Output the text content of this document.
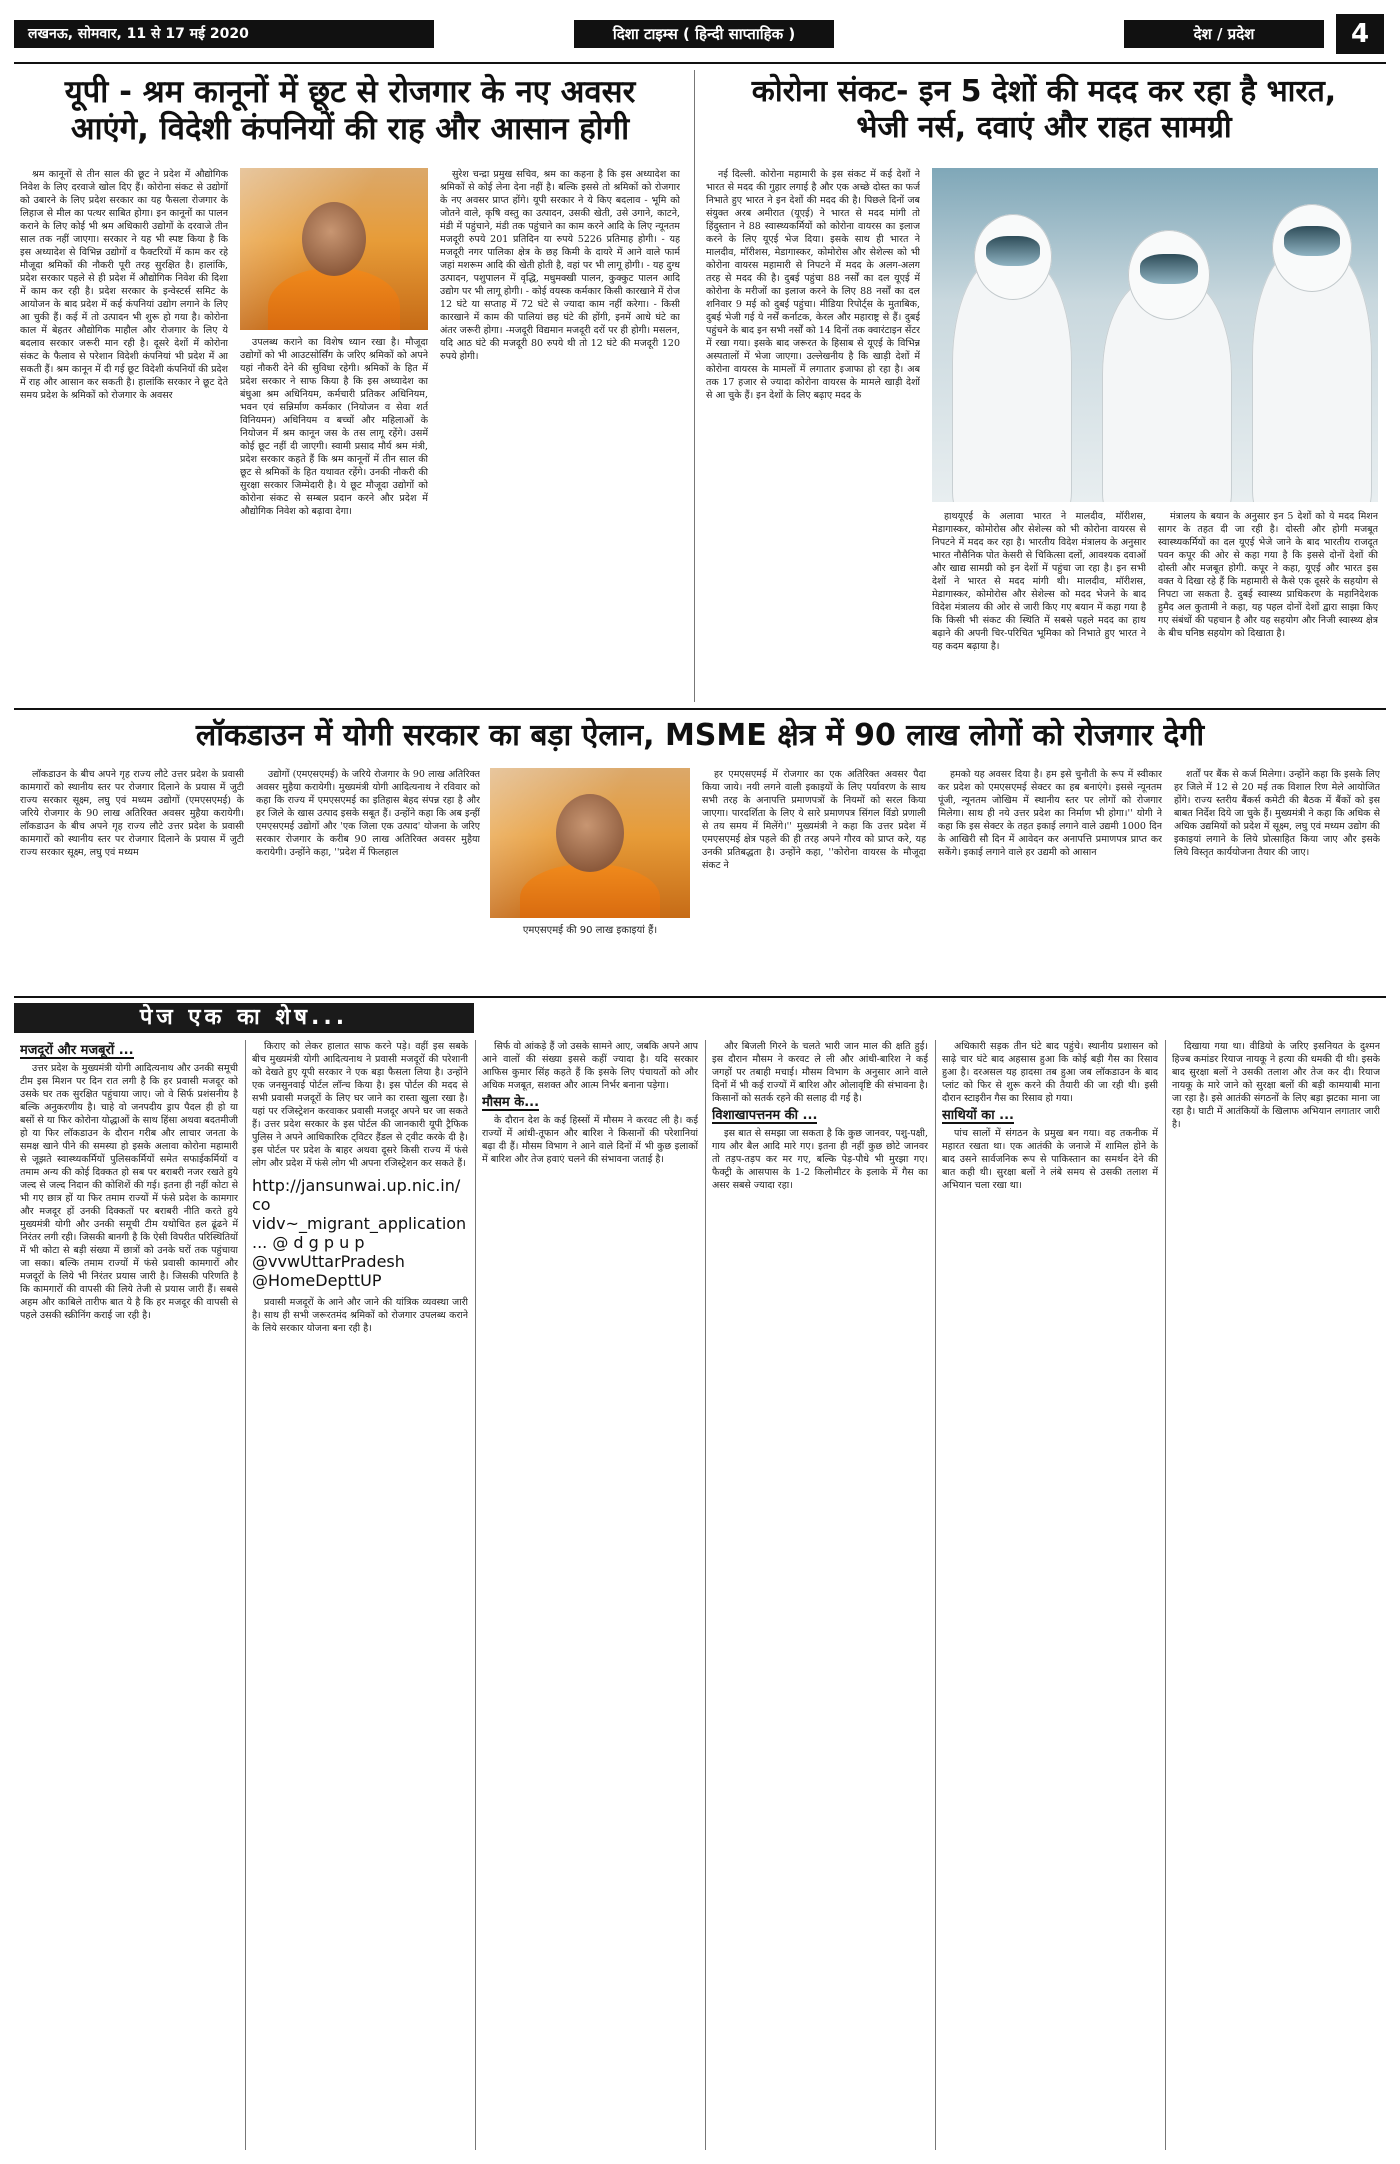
लखनऊ, सोमवार, 11 से 17 मई 2020	दिशा टाइम्स ( हिन्दी साप्ताहिक )	देश / प्रदेश	4
यूपी - श्रम कानूनों में छूट से रोजगार के नए अवसर
आएंगे, विदेशी कंपनियों की राह और आसान होगी

श्रम कानूनों से तीन साल की छूट ने प्रदेश में औद्योगिक निवेश के लिए दरवाजे खोल दिए हैं। कोरोना संकट से उद्योगों को उबारने के लिए प्रदेश सरकार का यह फैसला रोजगार के लिहाज से मील का पत्थर साबित होगा। इन कानूनों का पालन कराने के लिए कोई भी श्रम अधिकारी उद्योगों के दरवाजे तीन साल तक नहीं जाएगा। सरकार ने यह भी स्पष्ट किया है कि इस अध्यादेश से विभिन्न उद्योगों व फैक्टरियों में काम कर रहे मौजूदा श्रमिकों की नौकरी पूरी तरह सुरक्षित है। हालांकि, प्रदेश सरकार पहले से ही प्रदेश में औद्योगिक निवेश की दिशा में काम कर रही है। प्रदेश सरकार के इन्वेस्टर्स समिट के आयोजन के बाद प्रदेश में कई कंपनियां उद्योग लगाने के लिए आ चुकी हैं। कई में तो उत्पादन भी शुरू हो गया है। कोरोना काल में बेहतर औद्योगिक माहौल और रोजगार के लिए ये बदलाव सरकार जरूरी मान रही है। दूसरे देशों में कोरोना संकट के फैलाव से परेशान विदेशी कंपनियां भी प्रदेश में आ सकती हैं। श्रम कानून में दी गई छूट विदेशी कंपनियों की प्रदेश में राह और आसान कर सकती है। हालांकि सरकार ने छूट देते समय प्रदेश के श्रमिकों को रोजगार के अवसर

उपलब्ध कराने का विशेष ध्यान रखा है। मौजूदा उद्योगों को भी आउटसोर्सिंग के जरिए श्रमिकों को अपने यहां नौकरी देने की सुविधा रहेगी। श्रमिकों के हित में प्रदेश सरकार ने साफ किया है कि इस अध्यादेश का बंधुआ श्रम अधिनियम, कर्मचारी प्रतिकर अधिनियम, भवन एवं सन्निर्माण कर्मकार (नियोजन व सेवा शर्त विनियमन) अधिनियम व बच्चों और महिलाओं के नियोजन में श्रम कानून जस के तस लागू रहेंगे। उसमें कोई छूट नहीं दी जाएगी। स्वामी प्रसाद मौर्य श्रम मंत्री, प्रदेश सरकार कहते हैं कि श्रम कानूनों में तीन साल की छूट से श्रमिकों के हित यथावत रहेंगे। उनकी नौकरी की सुरक्षा सरकार जिम्मेदारी है। ये छूट मौजूदा उद्योगों को कोरोना संकट से सम्बल प्रदान करने और प्रदेश में औद्योगिक निवेश को बढ़ावा देगा।

सुरेश चन्द्रा प्रमुख सचिव, श्रम का कहना है कि इस अध्यादेश का श्रमिकों से कोई लेना देना नहीं है। बल्कि इससे तो श्रमिकों को रोजगार के नए अवसर प्राप्त होंगे। यूपी सरकार ने ये किए बदलाव - भूमि को जोतने वाले, कृषि वस्तु का उत्पादन, उसकी खेती, उसे उगाने, काटने, मंडी में पहुंचाने, मंडी तक पहुंचाने का काम करने आदि के लिए न्यूनतम मजदूरी रुपये 201 प्रतिदिन या रुपये 5226 प्रतिमाह होगी। - यह मजदूरी नगर पालिका क्षेत्र के छह किमी के दायरे में आने वाले फार्म जहां मशरूम आदि की खेती होती है, वहां पर भी लागू होगी। - यह दुग्ध उत्पादन, पशुपालन में वृद्धि, मधुमक्खी पालन, कुक्कुट पालन आदि उद्योग पर भी लागू होगी। - कोई वयस्क कर्मकार किसी कारखाने में रोज 12 घंटे या सप्ताह में 72 घंटे से ज्यादा काम नहीं करेगा। - किसी कारखाने में काम की पालियां छह घंटे की होंगी, इनमें आधे घंटे का अंतर जरूरी होगा। -मजदूरी विद्यमान मजदूरी दरों पर ही होगी। मसलन, यदि आठ घंटे की मजदूरी 80 रुपये थी तो 12 घंटे की मजदूरी 120 रुपये होगी।

कोरोना संकट- इन 5 देशों की मदद कर रहा है भारत,
भेजी नर्स, दवाएं और राहत सामग्री

नई दिल्ली. कोरोना महामारी के इस संकट में कई देशों ने भारत से मदद की गुहार लगाई है और एक अच्छे दोस्त का फर्ज निभाते हुए भारत ने इन देशों की मदद की है। पिछले दिनों जब संयुक्त अरब अमीरात (यूएई) ने भारत से मदद मांगी तो हिंदुस्तान ने 88 स्वास्थ्यकर्मियों को कोरोना वायरस का इलाज करने के लिए यूएई भेज दिया। इसके साथ ही भारत ने मालदीव, मॉरीशस, मेडागास्कर, कोमोरोस और सेशेल्स को भी कोरोना वायरस महामारी से निपटने में मदद के अलग-अलग तरह से मदद की है। दुबई पहुंचा 88 नर्सों का दल यूएई में कोरोना के मरीजों का इलाज करने के लिए 88 नर्सों का दल शनिवार 9 मई को दुबई पहुंचा। मीडिया रिपोर्ट्स के मुताबिक, दुबई भेजी गई ये नर्सें कर्नाटक, केरल और महाराष्ट्र से हैं। दुबई पहुंचने के बाद इन सभी नर्सों को 14 दिनों तक क्वारंटाइन सेंटर में रखा गया। इसके बाद जरूरत के हिसाब से यूएई के विभिन्न अस्पतालों में भेजा जाएगा। उल्लेखनीय है कि खाड़ी देशों में कोरोना वायरस के मामलों में लगातार इजाफा हो रहा है। अब तक 17 हजार से ज्यादा कोरोना वायरस के मामले खाड़ी देशों से आ चुके हैं। इन देशों के लिए बढ़ाए मदद के

हाथयूएई के अलावा भारत ने मालदीव, मॉरीशस, मेडागास्कर, कोमोरोस और सेशेल्स को भी कोरोना वायरस से निपटने में मदद कर रहा है। भारतीय विदेश मंत्रालय के अनुसार भारत नौसैनिक पोत केसरी से चिकित्सा दलों, आवश्यक दवाओं और खाद्य सामग्री को इन देशों में पहुंचा जा रहा है। इन सभी देशों ने भारत से मदद मांगी थी। मालदीव, मॉरीशस, मेडागास्कर, कोमोरोस और सेशेल्स को मदद भेजने के बाद विदेश मंत्रालय की ओर से जारी किए गए बयान में कहा गया है कि किसी भी संकट की स्थिति में सबसे पहले मदद का हाथ बढ़ाने की अपनी चिर-परिचित भूमिका को निभाते हुए भारत ने यह कदम बढ़ाया है।

मंत्रालय के बयान के अनुसार इन 5 देशों को ये मदद मिशन सागर के तहत दी जा रही है। दोस्ती और होगी मजबूत स्वास्थ्यकर्मियों का दल यूएई भेजे जाने के बाद भारतीय राजदूत पवन कपूर की ओर से कहा गया है कि इससे दोनों देशों की दोस्ती और मजबूत होगी. कपूर ने कहा, यूएई और भारत इस वक्त ये दिखा रहे हैं कि महामारी से कैसे एक दूसरे के सहयोग से निपटा जा सकता है. दुबई स्वास्थ्य प्राधिकरण के महानिदेशक हुमैद अल कुतामी ने कहा, यह पहल दोनों देशों द्वारा साझा किए गए संबंधों की पहचान है और यह सहयोग और निजी स्वास्थ्य क्षेत्र के बीच घनिष्ठ सहयोग को दिखाता है।

लॉकडाउन में योगी सरकार का बड़ा ऐलान, MSME क्षेत्र में 90 लाख लोगों को रोजगार देगी

लॉकडाउन के बीच अपने गृह राज्य लौटे उत्तर प्रदेश के प्रवासी कामगारों को स्थानीय स्तर पर रोजगार दिलाने के प्रयास में जुटी राज्य सरकार सूक्ष्म, लघु एवं मध्यम उद्योगों (एमएसएमई) के जरिये रोजगार के 90 लाख अतिरिक्त अवसर मुहैया करायेगी। लॉकडाउन के बीच अपने गृह राज्य लौटे उत्तर प्रदेश के प्रवासी कामगारों को स्थानीय स्तर पर रोजगार दिलाने के प्रयास में जुटी राज्य सरकार सूक्ष्म, लघु एवं मध्यम

उद्योगों (एमएसएमई) के जरिये रोजगार के 90 लाख अतिरिक्त अवसर मुहैया करायेगी। मुख्यमंत्री योगी आदित्यनाथ ने रविवार को कहा कि राज्य में एमएसएमई का इतिहास बेहद संपन्न रहा है और हर जिले के खास उत्पाद इसके सबूत हैं। उन्होंने कहा कि अब इन्हीं एमएसएमई उद्योगों और 'एक जिला एक उत्पाद' योजना के जरिए सरकार रोजगार के करीब 90 लाख अतिरिक्त अवसर मुहैया करायेगी। उन्होंने कहा, ''प्रदेश में फिलहाल

एमएसएमई की 90 लाख इकाइयां हैं।

हर एमएसएमई में रोजगार का एक अतिरिक्त अवसर पैदा किया जाये। नयी लगने वाली इकाइयों के लिए पर्यावरण के साथ सभी तरह के अनापत्ति प्रमाणपत्रों के नियमों को सरल किया जाएगा। पारदर्शिता के लिए ये सारे प्रमाणपत्र सिंगल विंडो प्रणाली से तय समय में मिलेंगे।'' मुख्यमंत्री ने कहा कि उत्तर प्रदेश में एमएसएमई क्षेत्र पहले की ही तरह अपने गौरव को प्राप्त करे, यह उनकी प्रतिबद्धता है। उन्होंने कहा, ''कोरोना वायरस के मौजूदा संकट ने

हमको यह अवसर दिया है। हम इसे चुनौती के रूप में स्वीकार कर प्रदेश को एमएसएमई सेक्टर का हब बनाएंगे। इससे न्यूनतम पूंजी, न्यूनतम जोखिम में स्थानीय स्तर पर लोगों को रोजगार मिलेगा। साथ ही नये उत्तर प्रदेश का निर्माण भी होगा।'' योगी ने कहा कि इस सेक्टर के तहत इकाई लगाने वाले उद्यमी 1000 दिन के आखिरी सौ दिन में आवेदन कर अनापत्ति प्रमाणपत्र प्राप्त कर सकेंगे। इकाई लगाने वाले हर उद्यमी को आसान

शर्तों पर बैंक से कर्ज मिलेगा। उन्होंने कहा कि इसके लिए हर जिले में 12 से 20 मई तक विशाल रिण मेले आयोजित होंगे। राज्य स्तरीय बैंकर्स कमेटी की बैठक में बैंकों को इस बाबत निर्देश दिये जा चुके हैं। मुख्यमंत्री ने कहा कि अधिक से अधिक उद्यमियों को प्रदेश में सूक्ष्म, लघु एवं मध्यम उद्योग की इकाइयां लगाने के लिये प्रोत्साहित किया जाए और इसके लिये विस्तृत कार्ययोजना तैयार की जाए।

पेज एक का शेष...

मजदूरों और मजबूरों ...

उत्तर प्रदेश के मुख्यमंत्री योगी आदित्यनाथ और उनकी समूची टीम इस मिशन पर दिन रात लगी है कि हर प्रवासी मजदूर को उसके घर तक सुरक्षित पहुंचाया जाए। जो वे सिर्फ प्रशंसनीय है बल्कि अनुकरणीय है। चाहे वो जनपदीय ड्राप पैदल ही हो या बसों से या फिर कोरोना योद्धाओं के साथ हिंसा अथवा बदतमीजी हो या फिर लॉकडाउन के दौरान गरीब और लाचार जनता के समक्ष खाने पीने की समस्या हो इसके अलावा कोरोना महामारी से जूझते स्वास्थ्यकर्मियों पुलिसकर्मियों समेत सफाईकर्मियों व तमाम अन्य की कोई दिक्कत हो सब पर बराबरी नजर रखते हुये जल्द से जल्द निदान की कोशिशें की गई। इतना ही नहीं कोटा से भी गए छात्र हों या फिर तमाम राज्यों में फंसे प्रदेश के कामगार और मजदूर हों उनकी दिक्कतों पर बराबरी नीति करते हुये मुख्यमंत्री योगी और उनकी समूची टीम यथोचित हल ढूंढने में निरंतर लगी रही। जिसकी बानगी है कि ऐसी विपरीत परिस्थितियों में भी कोटा से बड़ी संख्या में छात्रों को उनके घरों तक पहुंचाया जा सका। बल्कि तमाम राज्यों में फंसे प्रवासी कामगारों और मजदूरों के लिये भी निरंतर प्रयास जारी है। जिसकी परिणति है कि कामगारों की वापसी की लिये तेजी से प्रयास जारी हैं। सबसे अहम और काबिले तारीफ बात ये है कि हर मजदूर की वापसी से पहले उसकी स्क्रीनिंग कराई जा रही है।

किराए को लेकर हालात साफ करने पड़े। वहीं इस सबके बीच मुख्यमंत्री योगी आदित्यनाथ ने प्रवासी मजदूरों की परेशानी को देखते हुए यूपी सरकार ने एक बड़ा फैसला लिया है। उन्होंने एक जनसुनवाई पोर्टल लॉन्च किया है। इस पोर्टल की मदद से सभी प्रवासी मजदूरों के लिए घर जाने का रास्ता खुला रखा है। यहां पर रजिस्ट्रेशन करवाकर प्रवासी मजदूर अपने घर जा सकते हैं। उत्तर प्रदेश सरकार के इस पोर्टल की जानकारी यूपी ट्रैफिक पुलिस ने अपने आधिकारिक ट्विटर हैंडल से ट्वीट करके दी है। इस पोर्टल पर प्रदेश के बाहर अथवा दूसरे किसी राज्य में फंसे लोग और प्रदेश में फंसे लोग भी अपना रजिस्ट्रेशन कर सकते हैं।

http://jansunwai.up.nic.in/co
vidv~_migrant_application
... @ d g p u p
@vvwUttarPradesh
@HomeDepttUP

प्रवासी मजदूरों के आने और जाने की यांत्रिक व्यवस्था जारी है। साथ ही सभी जरूरतमंद श्रमिकों को रोजगार उपलब्ध कराने के लिये सरकार योजना बना रही है।

सिर्फ वो आंकड़े हैं जो उसके सामने आए, जबकि अपने आप आने वालों की संख्या इससे कहीं ज्यादा है। यदि सरकार आफिस कुमार सिंह कहते हैं कि इसके लिए पंचायतों को और अधिक मजबूत, सशक्त और आत्म निर्भर बनाना पड़ेगा।

मौसम के...

के दौरान देश के कई हिस्सों में मौसम ने करवट ली है। कई राज्यों में आंधी-तूफान और बारिश ने किसानों की परेशानियां बढ़ा दी हैं। मौसम विभाग ने आने वाले दिनों में भी कुछ इलाकों में बारिश और तेज हवाएं चलने की संभावना जताई है।

और बिजली गिरने के चलते भारी जान माल की क्षति हुई। इस दौरान मौसम ने करवट ले ली और आंधी-बारिश ने कई जगहों पर तबाही मचाई। मौसम विभाग के अनुसार आने वाले दिनों में भी कई राज्यों में बारिश और ओलावृष्टि की संभावना है। किसानों को सतर्क रहने की सलाह दी गई है।

विशाखापत्तनम की ...

इस बात से समझा जा सकता है कि कुछ जानवर, पशु-पक्षी, गाय और बैल आदि मारे गए। इतना ही नहीं कुछ छोटे जानवर तो तड़प-तड़प कर मर गए, बल्कि पेड़-पौधे भी मुरझा गए। फैक्ट्री के आसपास के 1-2 किलोमीटर के इलाके में गैस का असर सबसे ज्यादा रहा।

अधिकारी सड़क तीन घंटे बाद पहुंचे। स्थानीय प्रशासन को साढ़े चार घंटे बाद अहसास हुआ कि कोई बड़ी गैस का रिसाव हुआ है। दरअसल यह हादसा तब हुआ जब लॉकडाउन के बाद प्लांट को फिर से शुरू करने की तैयारी की जा रही थी। इसी दौरान स्टाइरीन गैस का रिसाव हो गया।

साथियों का ...

पांच सालों में संगठन के प्रमुख बन गया। वह तकनीक में महारत रखता था। एक आतंकी के जनाजे में शामिल होने के बाद उसने सार्वजनिक रूप से पाकिस्तान का समर्थन देने की बात कही थी। सुरक्षा बलों ने लंबे समय से उसकी तलाश में अभियान चला रखा था।

दिखाया गया था। वीडियो के जरिए इसनियत के दुश्मन हिज्ब कमांडर रियाज नायकू ने हत्या की धमकी दी थी। इसके बाद सुरक्षा बलों ने उसकी तलाश और तेज कर दी। रियाज नायकू के मारे जाने को सुरक्षा बलों की बड़ी कामयाबी माना जा रहा है। इसे आतंकी संगठनों के लिए बड़ा झटका माना जा रहा है। घाटी में आतंकियों के खिलाफ अभियान लगातार जारी है।
